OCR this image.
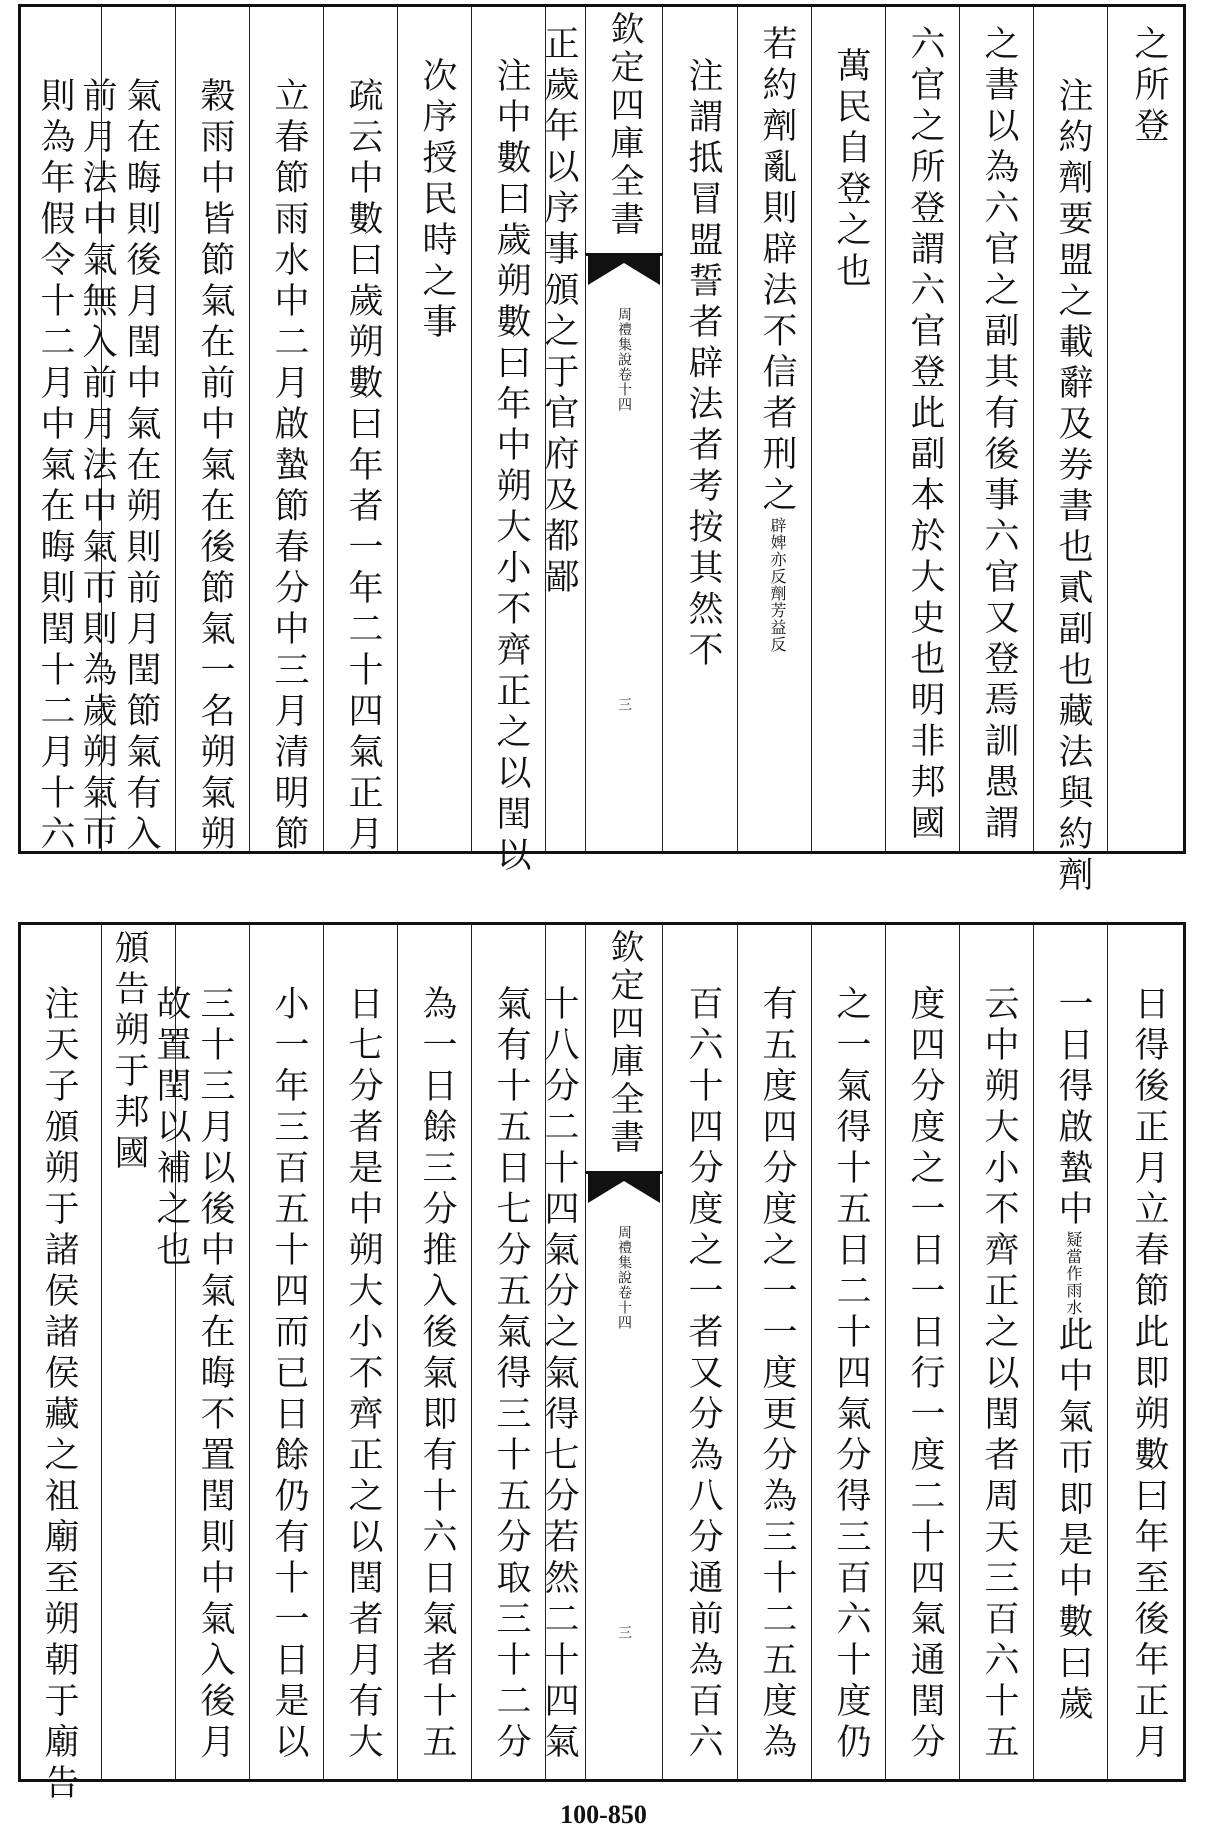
欽定四庫全書
周禮集說卷十四
三
之所登
注約劑要盟之載辭及券書也貳副也藏法與約劑
之書以為六官之副其有後事六官又登焉訓愚謂
六官之所登謂六官登此副本於大史也明非邦國
萬民自登之也
若約劑亂則辟法不信者刑之辟婢亦反劑芳益反
注謂抵冒盟誓者辟法者考按其然不
正歲年以序事頒之于官府及都鄙
注中數曰歲朔數曰年中朔大小不齊正之以閏以
次序授民時之事
疏云中數曰歲朔數曰年者一年二十四氣正月
立春節雨水中二月啟蟄節春分中三月清明節
穀雨中皆節氣在前中氣在後節氣一名朔氣朔
氣在晦則後月閏中氣在朔則前月閏節氣有入
前月法中氣無入前月法中氣帀則為歲朔氣帀
則為年假令十二月中氣在晦則閏十二月十六
欽定四庫全書
周禮集說卷十四
三	日得後正月立春節此即朔數曰年至後年正月
一日得啟蟄中疑當作雨水此中氣帀即是中數曰歲
云中朔大小不齊正之以閏者周天三百六十五
度四分度之一日一日行一度二十四氣通閏分
之一氣得十五日二十四氣分得三百六十度仍
有五度四分度之一一度更分為三十二五度為
百六十四分度之一者又分為八分通前為百六
十八分二十四氣分之氣得七分若然二十四氣
氣有十五日七分五氣得三十五分取三十二分
為一日餘三分推入後氣即有十六日氣者十五
日七分者是中朔大小不齊正之以閏者月有大
小一年三百五十四而已日餘仍有十一日是以
三十三月以後中氣在晦不置閏則中氣入後月
故置閏以補之也
頒告朔于邦國
注天子頒朔于諸侯諸侯藏之祖廟至朔朝于廟告
100-850
